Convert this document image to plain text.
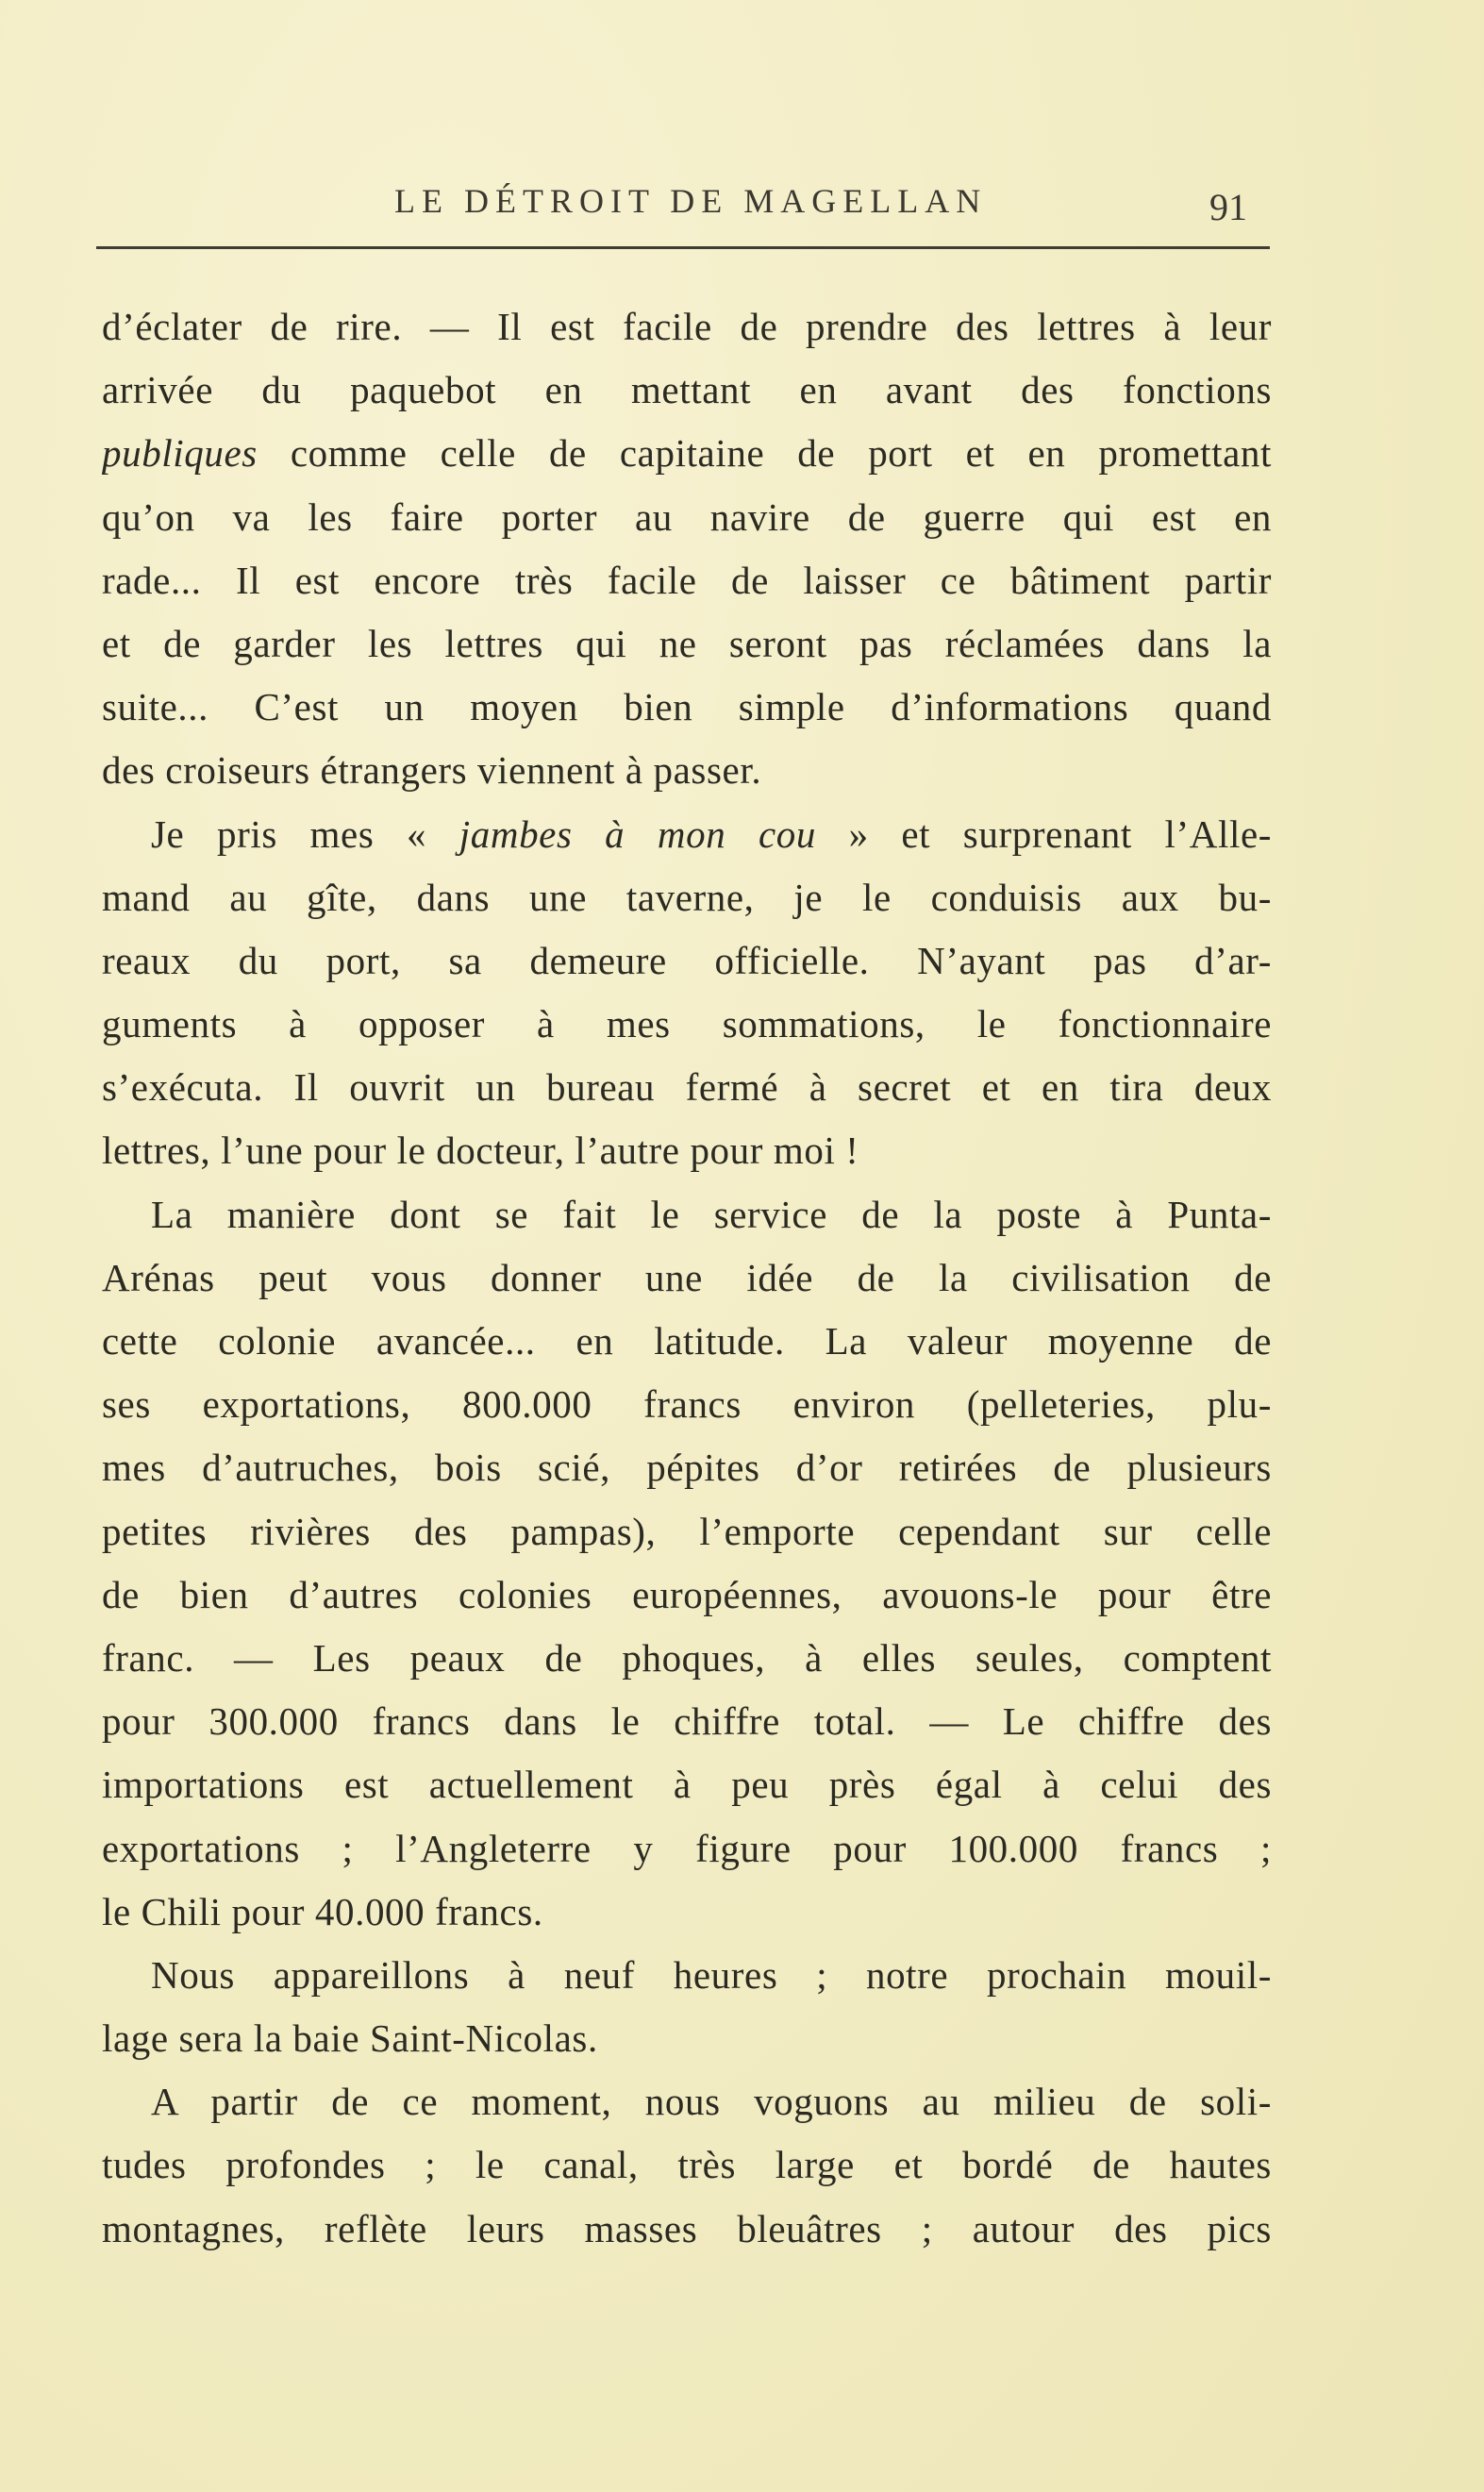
LE DÉTROIT DE MAGELLAN	91
d’éclater de rire. — Il est facile de prendre des lettres à leur
arrivée du paquebot en mettant en avant des fonctions
publiques comme celle de capitaine de port et en promettant
qu’on va les faire porter au navire de guerre qui est en
rade... Il est encore très facile de laisser ce bâtiment partir
et de garder les lettres qui ne seront pas réclamées dans la
suite... C’est un moyen bien simple d’informations quand
des croiseurs étrangers viennent à passer.
Je pris mes « jambes à mon cou » et surprenant l’Alle-
mand au gîte, dans une taverne, je le conduisis aux bu-
reaux du port, sa demeure officielle. N’ayant pas d’ar-
guments à opposer à mes sommations, le fonctionnaire
s’exécuta. Il ouvrit un bureau fermé à secret et en tira deux
lettres, l’une pour le docteur, l’autre pour moi !
La manière dont se fait le service de la poste à Punta-
Arénas peut vous donner une idée de la civilisation de
cette colonie avancée... en latitude. La valeur moyenne de
ses exportations, 800.000 francs environ (pelleteries, plu-
mes d’autruches, bois scié, pépites d’or retirées de plusieurs
petites rivières des pampas), l’emporte cependant sur celle
de bien d’autres colonies européennes, avouons-le pour être
franc. — Les peaux de phoques, à elles seules, comptent
pour 300.000 francs dans le chiffre total. — Le chiffre des
importations est actuellement à peu près égal à celui des
exportations ; l’Angleterre y figure pour 100.000 francs ;
le Chili pour 40.000 francs.
Nous appareillons à neuf heures ; notre prochain mouil-
lage sera la baie Saint-Nicolas.
A partir de ce moment, nous voguons au milieu de soli-
tudes profondes ; le canal, très large et bordé de hautes
montagnes, reflète leurs masses bleuâtres ; autour des pics
